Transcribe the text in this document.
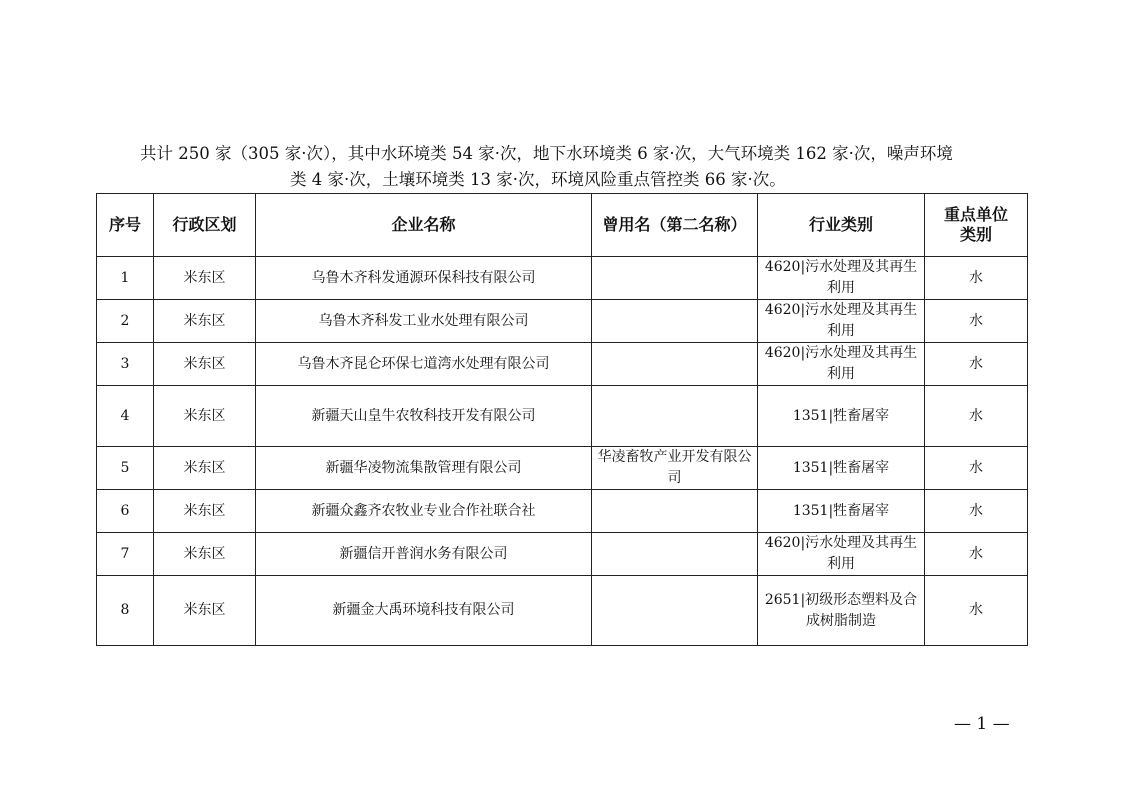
共计 250 家（305 家·次），其中水环境类 54 家·次，地下水环境类 6 家·次，大气环境类 162 家·次，噪声环境
类 4 家·次，土壤环境类 13 家·次，环境风险重点管控类 66 家·次。
序号	行政区划	企业名称	曾用名（第二名称）	行业类别	重点单位类别
1	米东区	乌鲁木齐科发通源环保科技有限公司		4620|污水处理及其再生利用	水
2	米东区	乌鲁木齐科发工业水处理有限公司		4620|污水处理及其再生利用	水
3	米东区	乌鲁木齐昆仑环保七道湾水处理有限公司		4620|污水处理及其再生利用	水
4	米东区	新疆天山皇牛农牧科技开发有限公司		1351|牲畜屠宰	水
5	米东区	新疆华凌物流集散管理有限公司	华凌畜牧产业开发有限公司	1351|牲畜屠宰	水
6	米东区	新疆众鑫齐农牧业专业合作社联合社		1351|牲畜屠宰	水
7	米东区	新疆信开普润水务有限公司		4620|污水处理及其再生利用	水
8	米东区	新疆金大禹环境科技有限公司		2651|初级形态塑料及合成树脂制造	水
— 1 —
